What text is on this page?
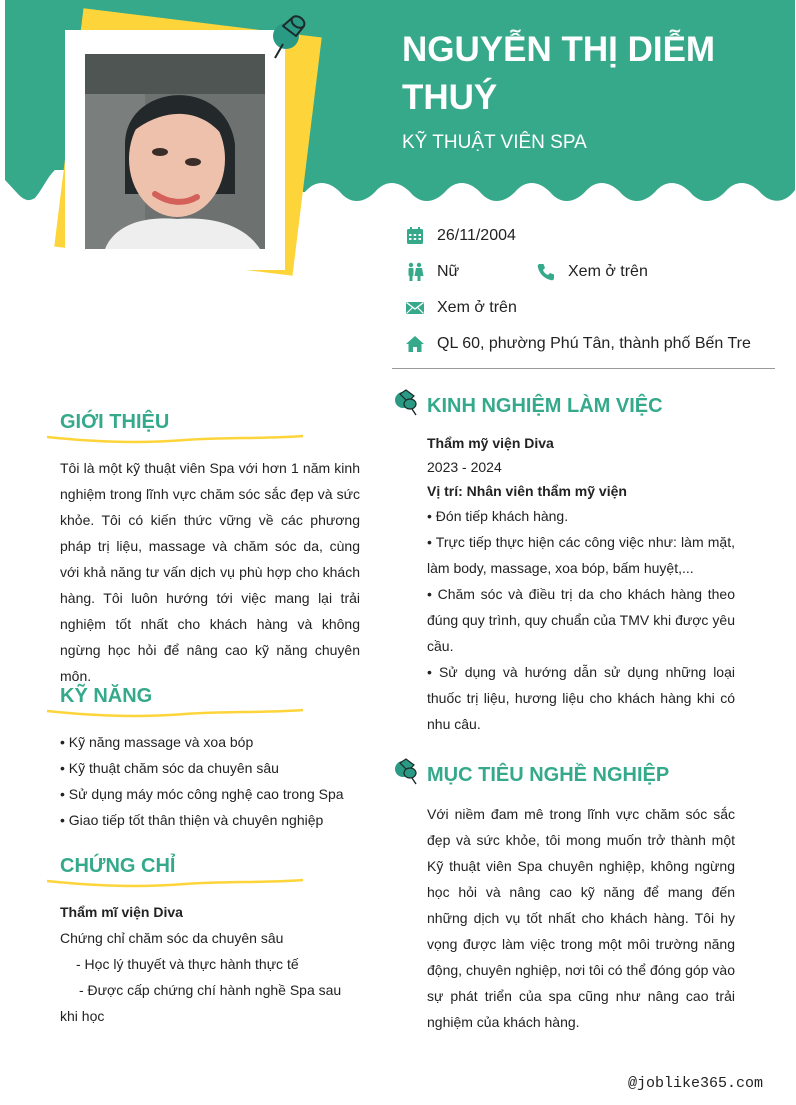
NGUYỄN THỊ DIỄM THUÝ
KỸ THUẬT VIÊN SPA
26/11/2004
Nữ	Xem ở trên
Xem ở trên
QL 60, phường Phú Tân, thành phố Bến Tre
GIỚI THIỆU
Tôi là một kỹ thuật viên Spa với hơn 1 năm kinh nghiệm trong lĩnh vực chăm sóc sắc đẹp và sức khỏe. Tôi có kiến thức vững về các phương pháp trị liệu, massage và chăm sóc da, cùng với khả năng tư vấn dịch vụ phù hợp cho khách hàng. Tôi luôn hướng tới việc mang lại trải nghiệm tốt nhất cho khách hàng và không ngừng học hỏi để nâng cao kỹ năng chuyên môn.
KỸ NĂNG
• Kỹ năng massage và xoa bóp
• Kỹ thuật chăm sóc da chuyên sâu
• Sử dụng máy móc công nghệ cao trong Spa
• Giao tiếp tốt thân thiện và chuyên nghiệp
CHỨNG CHỈ
Thẩm mĩ viện Diva
Chứng chỉ chăm sóc da chuyên sâu
- Học lý thuyết và thực hành thực tế
- Được cấp chứng chí hành nghề Spa sau khi học
KINH NGHIỆM LÀM VIỆC
Thẩm mỹ viện Diva
2023 - 2024
Vị trí: Nhân viên thẩm mỹ viện
• Đón tiếp khách hàng.
• Trực tiếp thực hiện các công việc như: làm mặt, làm body, massage, xoa bóp, bấm huyệt,...
• Chăm sóc và điều trị da cho khách hàng theo đúng quy trình, quy chuẩn của TMV khi được yêu cầu.
• Sử dụng và hướng dẫn sử dụng những loại thuốc trị liệu, hương liệu cho khách hàng khi có nhu câu.
MỤC TIÊU NGHỀ NGHIỆP
Với niềm đam mê trong lĩnh vực chăm sóc sắc đẹp và sức khỏe, tôi mong muốn trở thành một Kỹ thuật viên Spa chuyên nghiệp, không ngừng học hỏi và nâng cao kỹ năng để mang đến những dịch vụ tốt nhất cho khách hàng. Tôi hy vọng được làm việc trong một môi trường năng động, chuyên nghiệp, nơi tôi có thể đóng góp vào sự phát triển của spa cũng như nâng cao trải nghiệm của khách hàng.
@joblike365.com
